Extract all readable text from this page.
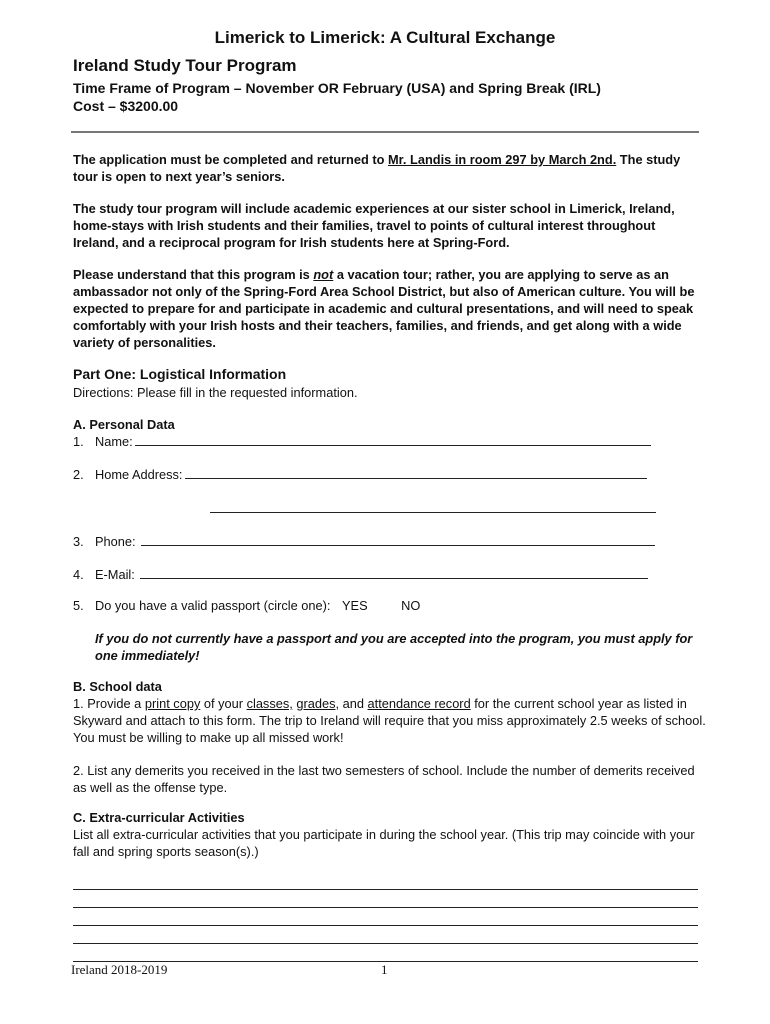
Limerick to Limerick: A Cultural Exchange
Ireland Study Tour Program
Time Frame of Program – November OR February (USA) and Spring Break (IRL)
Cost – $3200.00

The application must be completed and returned to Mr. Landis in room 297 by March 2nd. The study tour is open to next year’s seniors.

The study tour program will include academic experiences at our sister school in Limerick, Ireland, home-stays with Irish students and their families, travel to points of cultural interest throughout Ireland, and a reciprocal program for Irish students here at Spring-Ford.

Please understand that this program is not a vacation tour; rather, you are applying to serve as an ambassador not only of the Spring-Ford Area School District, but also of American culture. You will be expected to prepare for and participate in academic and cultural presentations, and will need to speak comfortably with your Irish hosts and their teachers, families, and friends, and get along with a wide variety of personalities.

Part One: Logistical Information
Directions: Please fill in the requested information.
A. Personal Data
1. Name:
2. Home Address:
3. Phone:
4. E-Mail:
5. Do you have a valid passport (circle one): YES	NO
If you do not currently have a passport and you are accepted into the program, you must apply for one immediately!
B. School data

1. Provide a print copy of your classes, grades, and attendance record for the current school year as listed in Skyward and attach to this form. The trip to Ireland will require that you miss approximately 2.5 weeks of school. You must be willing to make up all missed work!

2. List any demerits you received in the last two semesters of school. Include the number of demerits received as well as the offense type.
C. Extra-curricular Activities
List all extra-curricular activities that you participate in during the school year. (This trip may coincide with your fall and spring sports season(s).)
Ireland 2018-2019	1
